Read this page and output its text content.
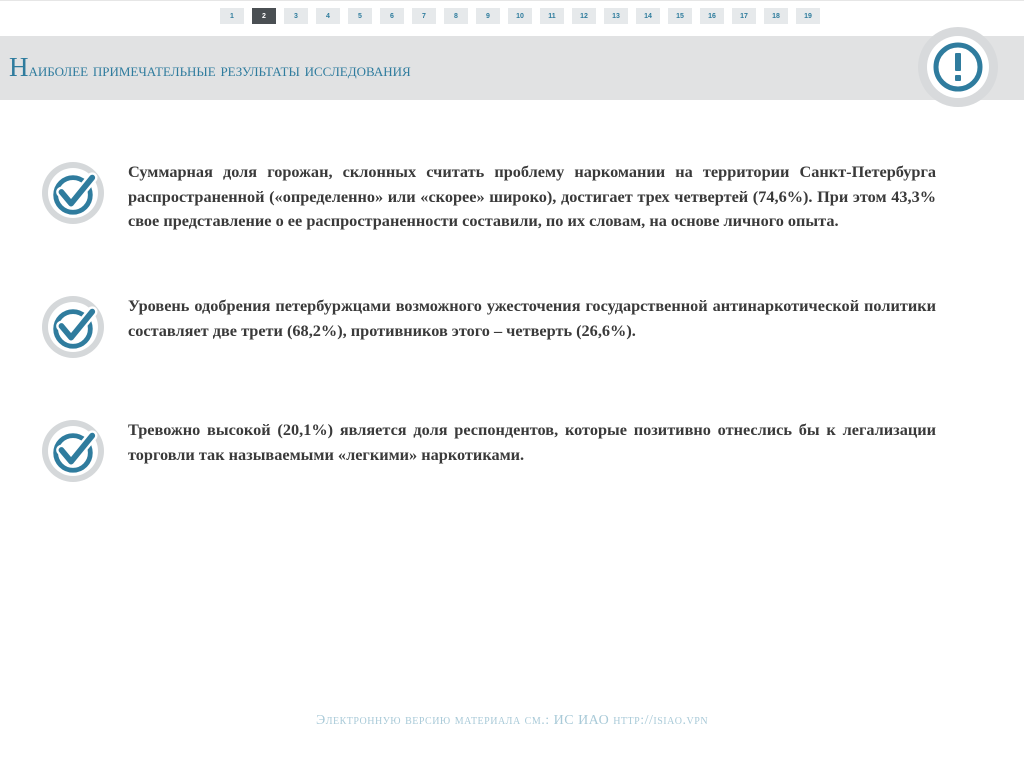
1	2	3	4	5	6	7	8	9	10	11	12	13	14	15	16	17	18	19
Наиболее примечательные результаты исследования
Суммарная доля горожан, склонных считать проблему наркомании на территории Санкт-Петербурга распространенной («определенно» или «скорее» широко), достигает трех четвертей (74,6%). При этом 43,3% свое представление о ее распространенности составили, по их словам, на основе личного опыта.
Уровень одобрения петербуржцами возможного ужесточения государственной антинаркотической политики составляет две трети (68,2%), противников этого – четверть (26,6%).
Тревожно высокой (20,1%) является доля респондентов, которые позитивно отнеслись бы к легализации торговли так называемыми «легкими» наркотиками.
Электронную версию материала см.: ИС ИАО http://isiao.vpn
